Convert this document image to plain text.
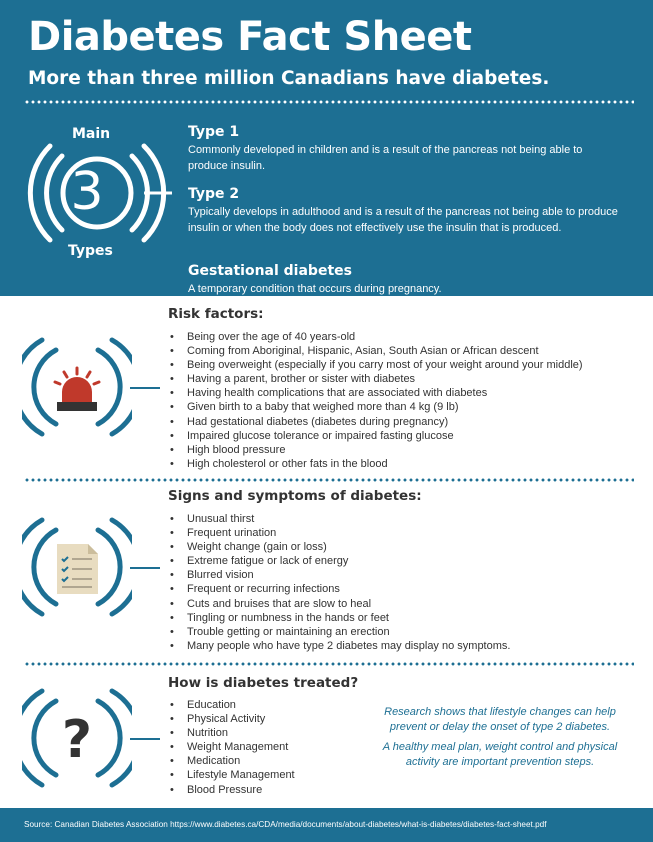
Diabetes Fact Sheet

More than three million Canadians have diabetes.

Main
3
Types

Type 1

Commonly developed in children and is a result of the pancreas not being able to produce insulin.

Type 2

Typically develops in adulthood and is a result of the pancreas not being able to produce insulin or when the body does not effectively use the insulin that is produced.

Gestational diabetes

A temporary condition that occurs during pregnancy.

Risk factors:
• Being over the age of 40 years-old
• Coming from Aboriginal, Hispanic, Asian, South Asian or African descent
• Being overweight (especially if you carry most of your weight around your middle)
• Having a parent, brother or sister with diabetes
• Having health complications that are associated with diabetes
• Given birth to a baby that weighed more than 4 kg (9 lb)
• Had gestational diabetes (diabetes during pregnancy)
• Impaired glucose tolerance or impaired fasting glucose
• High blood pressure
• High cholesterol or other fats in the blood
Signs and symptoms of diabetes:
• Unusual thirst
• Frequent urination
• Weight change (gain or loss)
• Extreme fatigue or lack of energy
• Blurred vision
• Frequent or recurring infections
• Cuts and bruises that are slow to heal
• Tingling or numbness in the hands or feet
• Trouble getting or maintaining an erection
• Many people who have type 2 diabetes may display no symptoms.
?
How is diabetes treated?
• Education
• Physical Activity
• Nutrition
• Weight Management
• Medication
• Lifestyle Management
• Blood Pressure

Research shows that lifestyle changes can help prevent or delay the onset of type 2 diabetes.

A healthy meal plan, weight control and physical activity are important prevention steps.

Source: Canadian Diabetes Association https://www.diabetes.ca/CDA/media/documents/about-diabetes/what-is-diabetes/diabetes-fact-sheet.pdf
